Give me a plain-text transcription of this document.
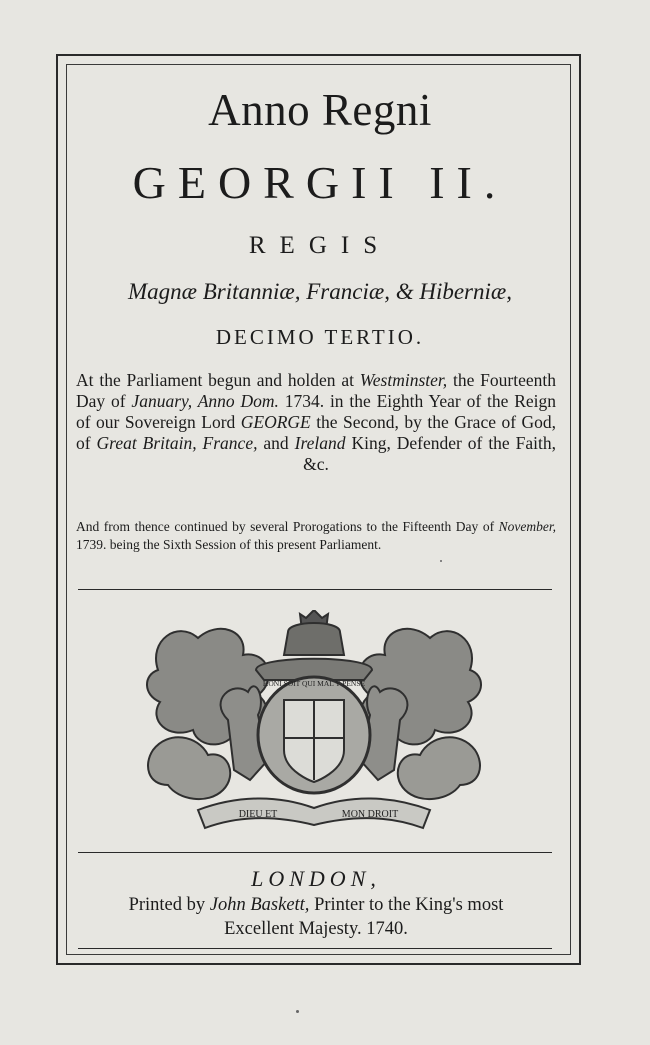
Anno Regni
GEORGII II.
REGIS
Magnæ Britanniæ, Franciæ, & Hiberniæ,
DECIMO TERTIO.
At the Parliament begun and holden at Westminster, the Fourteenth Day of January, Anno Dom. 1734. in the Eighth Year of the Reign of our Sovereign Lord GEORGE the Second, by the Grace of God, of Great Britain, France, and Ireland King, Defender of the Faith, &c.
And from thence continued by several Prorogations to the Fifteenth Day of November, 1739. being the Sixth Session of this present Parliament.
DIEU ET	MON DROIT
HONI SOIT QUI MAL Y PENSE
LONDON,
Printed by John Baskett, Printer to the King's most
Excellent Majesty. 1740.
